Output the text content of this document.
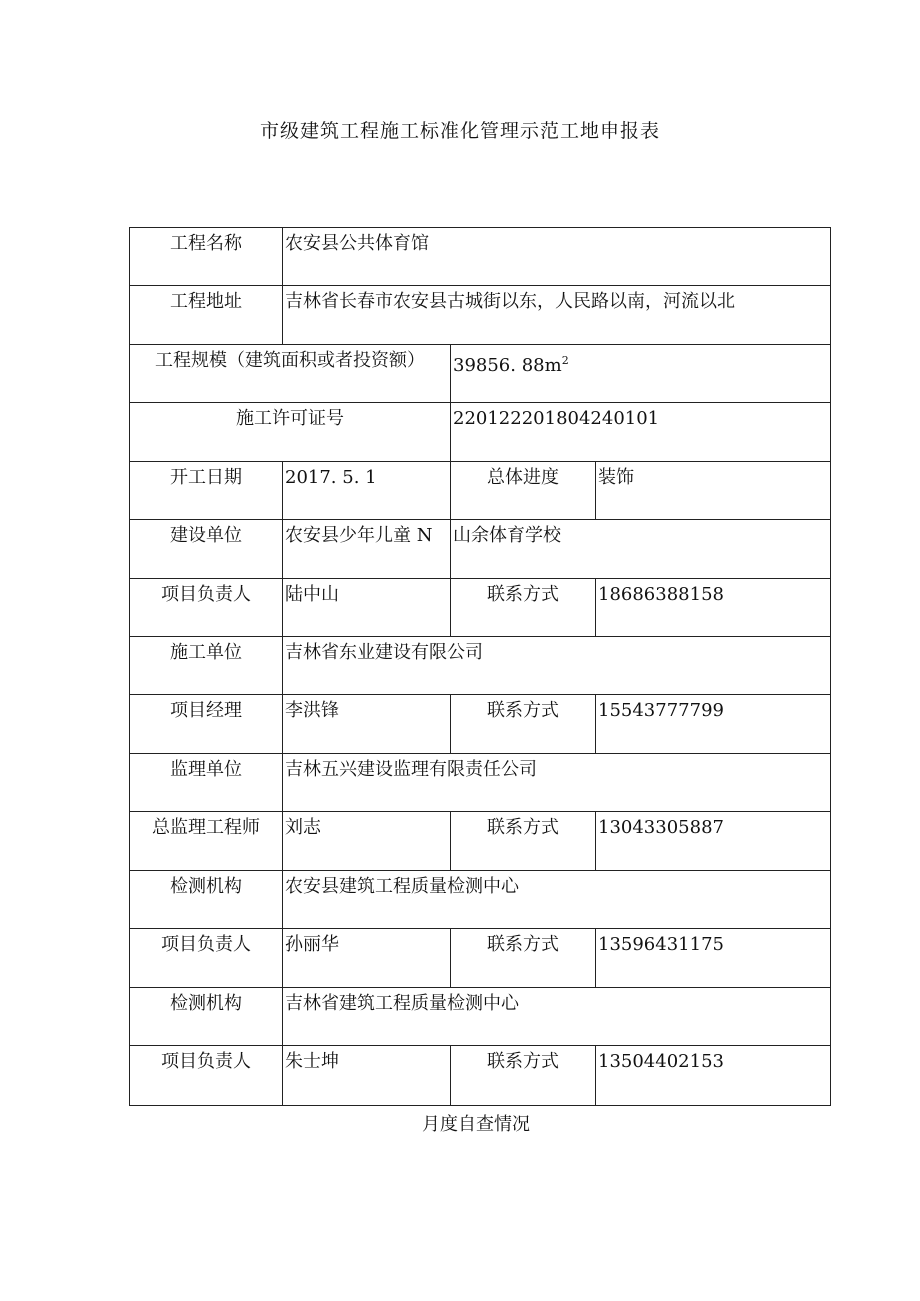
市级建筑工程施工标准化管理示范工地申报表
工程名称	农安县公共体育馆
工程地址	吉林省长春市农安县古城街以东，人民路以南，河流以北
工程规模（建筑面积或者投资额）	39856. $88m^2$
施工许可证号	220122201804240101
开工日期	2017. 5. 1	总体进度	装饰
建设单位	农安县少年儿童 N	山余体育学校
项目负责人	陆中山	联系方式	18686388158
施工单位	吉林省东业建设有限公司
项目经理	李洪锋	联系方式	15543777799
监理单位	吉林五兴建设监理有限责任公司
总监理工程师	刘志	联系方式	13043305887
检测机构	农安县建筑工程质量检测中心
项目负责人	孙丽华	联系方式	13596431175
检测机构	吉林省建筑工程质量检测中心
项目负责人	朱士坤	联系方式	13504402153
月度自查情况
